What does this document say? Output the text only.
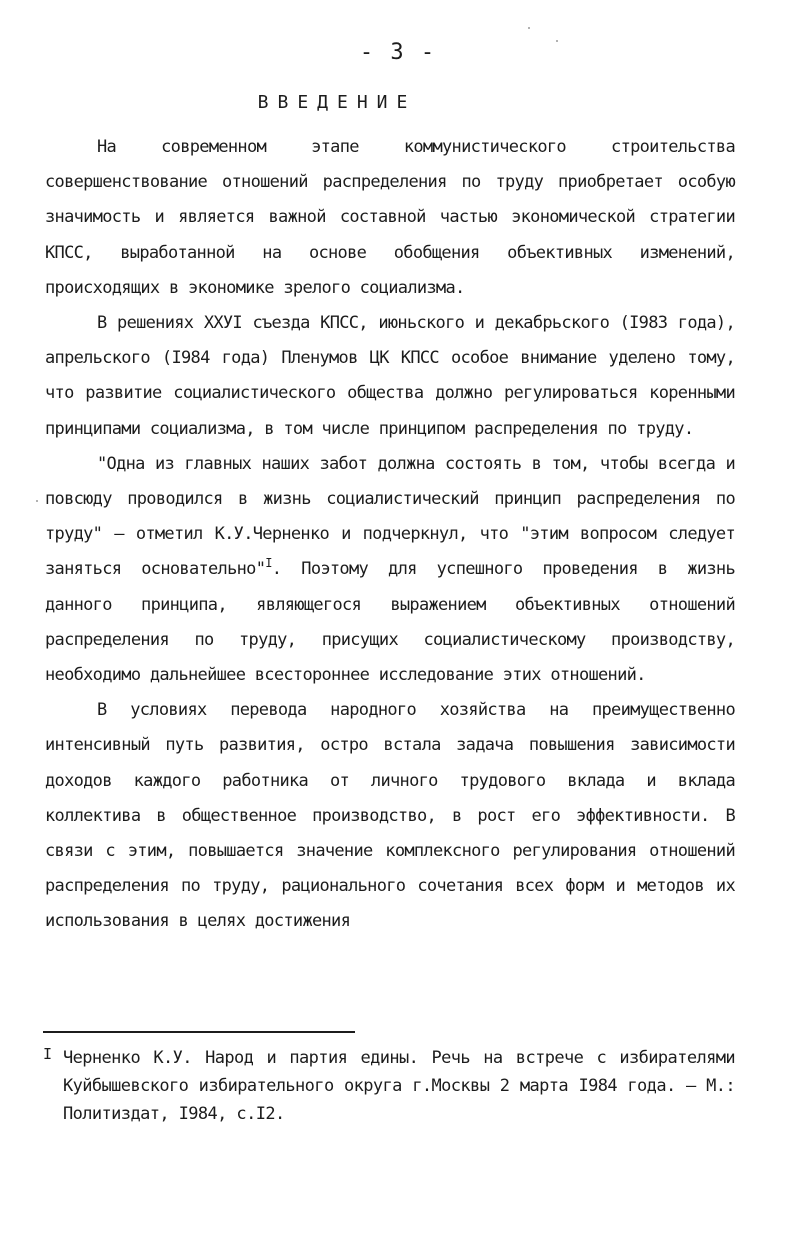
- 3 -
ВВЕДЕНИЕ

На современном этапе коммунистического строительства совершенствование отношений распределения по труду приобретает особую значимость и является важной составной частью экономической стратегии КПСС, выработанной на основе обобщения объективных изменений, происходящих в экономике зрелого социализма.

В решениях XXУI съезда КПСС, июньского и декабрьского (I983 года), апрельского (I984 года) Пленумов ЦК КПСС особое внимание уделено тому, что развитие социалистического общества должно регулироваться коренными принципами социализма, в том числе принципом распределения по труду.

"Одна из главных наших забот должна состоять в том, чтобы всегда и повсюду проводился в жизнь социалистический принцип распределения по труду" – отметил К.У.Черненко и подчеркнул, что "этим вопросом следует заняться основательно"$^I$. Поэтому для успешного проведения в жизнь данного принципа, являющегося выражением объективных отношений распределения по труду, присущих социалистическому производству, необходимо дальнейшее всестороннее исследование этих отношений.

В условиях перевода народного хозяйства на преимущественно интенсивный путь развития, остро встала задача повышения зависимости доходов каждого работника от личного трудового вклада и вклада коллектива в общественное производство, в рост его эффективности. В связи с этим, повышается значение комплексного регулирования отношений распределения по труду, рационального сочетания всех форм и методов их использования в целях достижения

I Черненко К.У. Народ и партия едины. Речь на встрече с избирателями Куйбышевского избирательного округа г.Москвы 2 марта I984 года. – М.: Политиздат, I984, с.I2.
